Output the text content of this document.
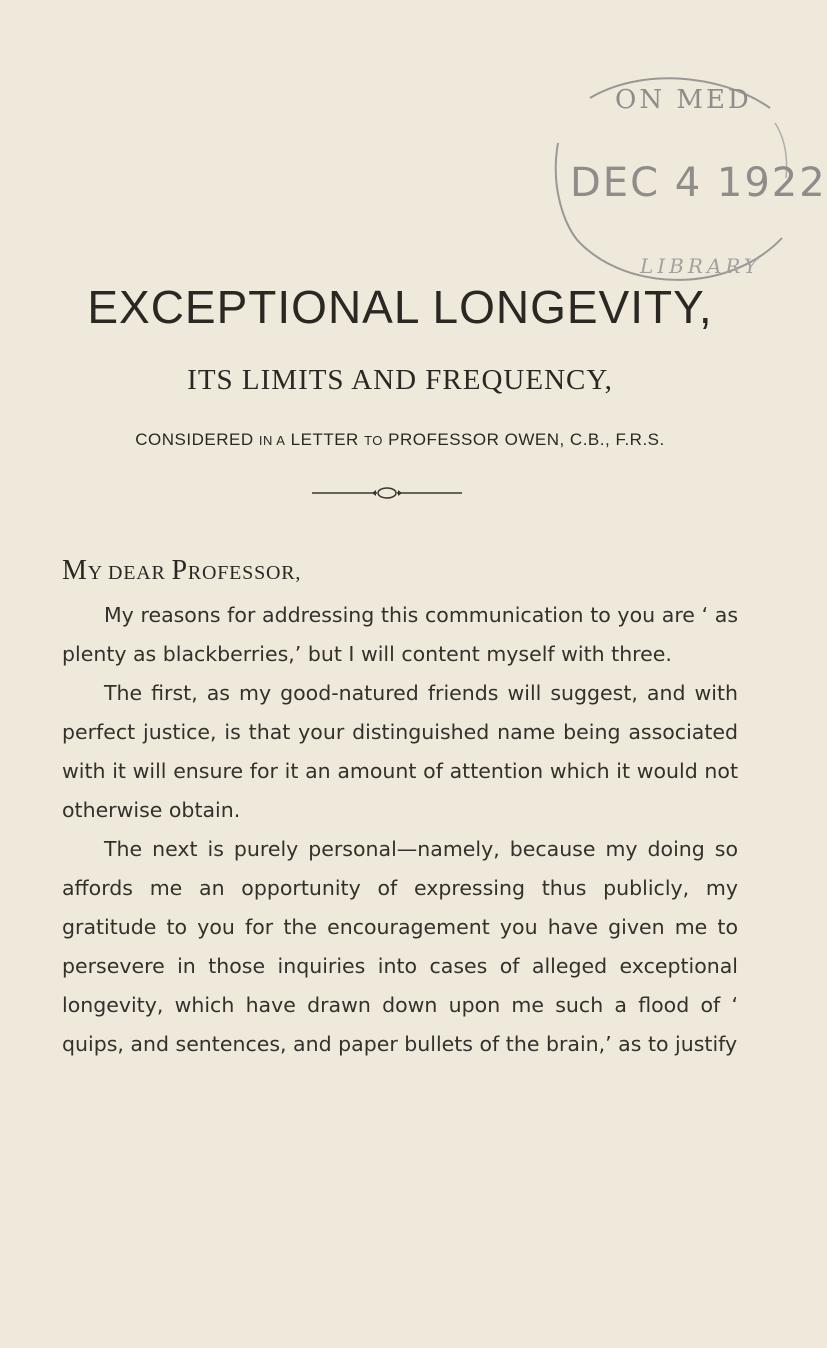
ON MED
LIBRARY
DEC 4 1922
EXCEPTIONAL LONGEVITY,
ITS LIMITS AND FREQUENCY,
CONSIDERED IN A LETTER TO PROFESSOR OWEN, C.B., F.R.S.
MY DEAR PROFESSOR,

My reasons for addressing this communication to you are ‘ as plenty as blackberries,’ but I will content myself with three.

The first, as my good-natured friends will suggest, and with perfect justice, is that your distinguished name being associated with it will ensure for it an amount of attention which it would not otherwise obtain.

The next is purely personal—namely, because my doing so affords me an opportunity of expressing thus publicly, my gratitude to you for the encouragement you have given me to persevere in those inquiries into cases of alleged exceptional longevity, which have drawn down upon me such a flood of ‘ quips, and sentences, and paper bullets of the brain,’ as to justify
